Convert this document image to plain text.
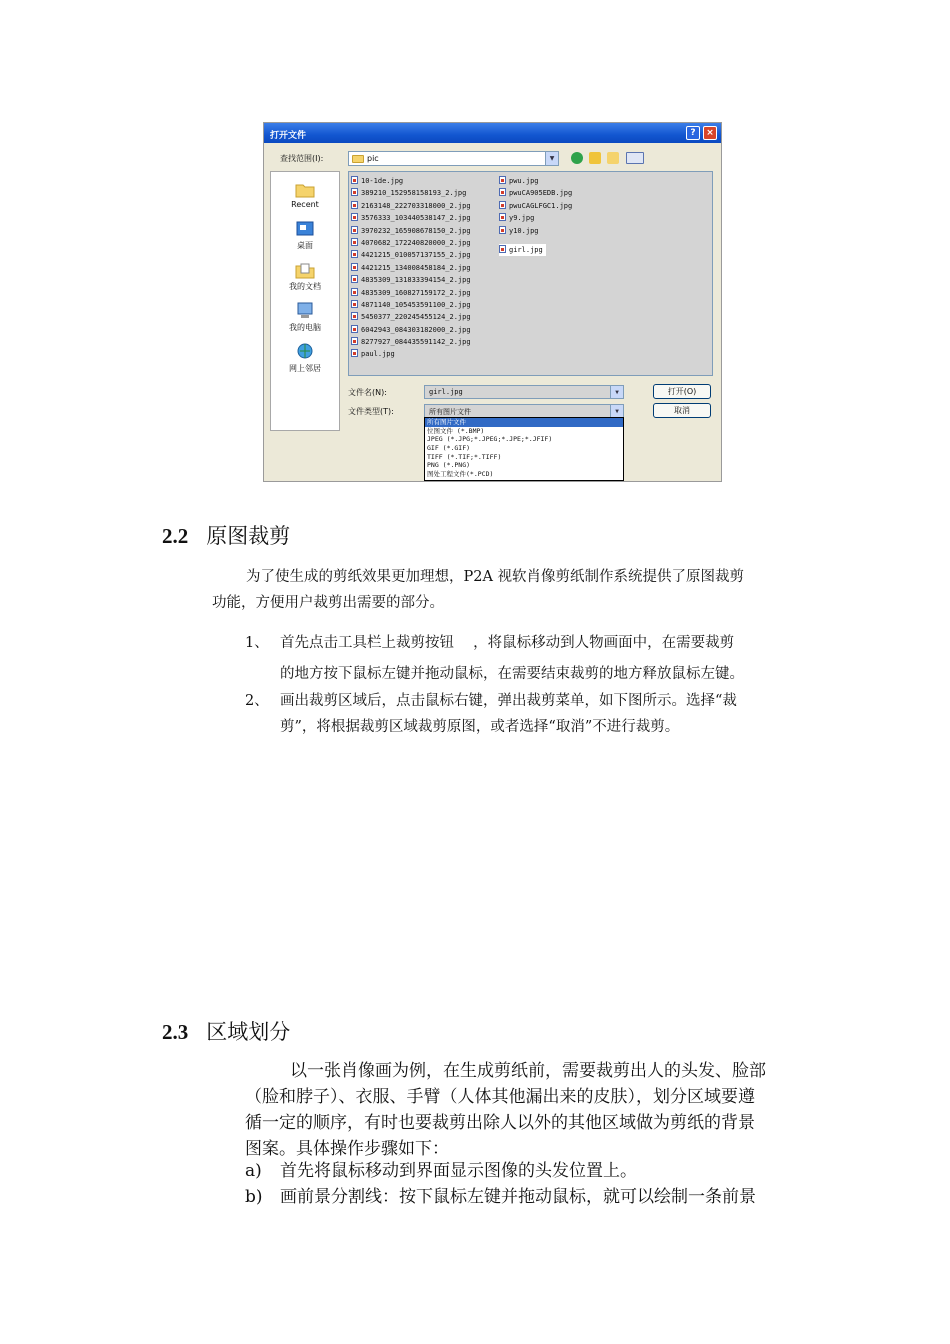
打开文件	?	×
查找范围(I):	pic	▼
Recent
桌面
我的文档
我的电脑
网上邻居
10-1de.jpg
389210_152958158193_2.jpg
2163148_222703318000_2.jpg
3576333_103440538147_2.jpg
3970232_165908678150_2.jpg
4070682_172240820000_2.jpg
4421215_010057137155_2.jpg
4421215_134008458184_2.jpg
4835309_131833394154_2.jpg
4835309_160827159172_2.jpg
4871140_105453591100_2.jpg
5450377_220245455124_2.jpg
6042943_084303182000_2.jpg
8277927_084435591142_2.jpg
paul.jpg
pwu.jpg
pwuCA905EDB.jpg
pwuCAGLFGC1.jpg
y9.jpg
y10.jpg
girl.jpg
文件名(N):	girl.jpg	▼
文件类型(T):	所有图片文件	▼
打开(O)
取消
所有图片文件
位图文件 (*.BMP)
JPEG (*.JPG;*.JPEG;*.JPE;*.JFIF)
GIF (*.GIF)
TIFF (*.TIF;*.TIFF)
PNG (*.PNG)
图处工程文件(*.PCD)
2.2 原图裁剪
为了使生成的剪纸效果更加理想，P2A 视软肖像剪纸制作系统提供了原图裁剪
功能，方便用户裁剪出需要的部分。
1、 首先点击工具栏上裁剪按钮　 ，将鼠标移动到人物画面中，在需要裁剪
的地方按下鼠标左键并拖动鼠标，在需要结束裁剪的地方释放鼠标左键。
2、 画出裁剪区域后，点击鼠标右键，弹出裁剪菜单，如下图所示。选择“裁
剪”，将根据裁剪区域裁剪原图，或者选择“取消”不进行裁剪。
2.3 区域划分
以一张肖像画为例，在生成剪纸前，需要裁剪出人的头发、脸部
（脸和脖子）、衣服、手臂（人体其他漏出来的皮肤），划分区域要遵
循一定的顺序，有时也要裁剪出除人以外的其他区域做为剪纸的背景
图案。具体操作步骤如下：
a) 首先将鼠标移动到界面显示图像的头发位置上。
b) 画前景分割线：按下鼠标左键并拖动鼠标，就可以绘制一条前景
